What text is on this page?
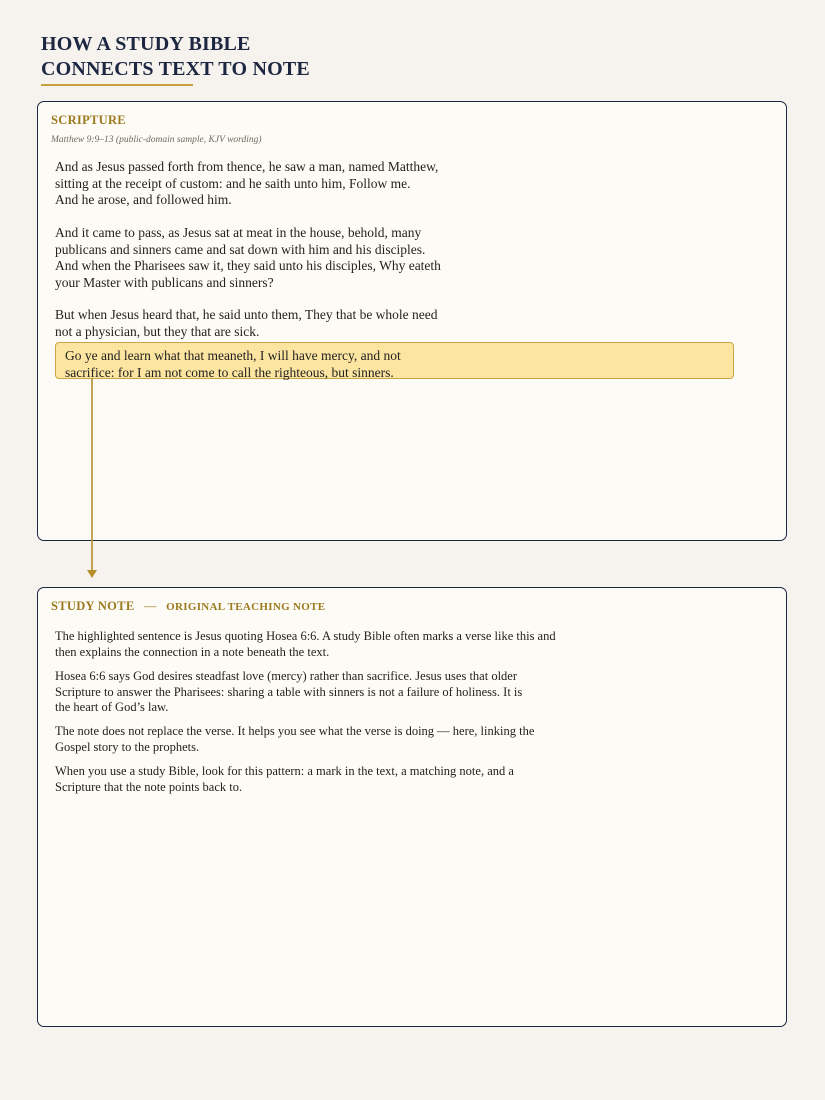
HOW A STUDY BIBLE
CONNECTS TEXT TO NOTE
SCRIPTURE
Matthew 9:9–13 (public-domain sample, KJV wording)

And as Jesus passed forth from thence, he saw a man, named Matthew,
sitting at the receipt of custom: and he saith unto him, Follow me.
And he arose, and followed him.

And it came to pass, as Jesus sat at meat in the house, behold, many
publicans and sinners came and sat down with him and his disciples.
And when the Pharisees saw it, they said unto his disciples, Why eateth
your Master with publicans and sinners?

But when Jesus heard that, he said unto them, They that be whole need
not a physician, but they that are sick.

Go ye and learn what that meaneth, I will have mercy, and not
sacrifice: for I am not come to call the righteous, but sinners.
STUDY NOTE — ORIGINAL TEACHING NOTE

The highlighted sentence is Jesus quoting Hosea 6:6. A study Bible often marks a verse like this and
then explains the connection in a note beneath the text.

Hosea 6:6 says God desires steadfast love (mercy) rather than sacrifice. Jesus uses that older
Scripture to answer the Pharisees: sharing a table with sinners is not a failure of holiness. It is
the heart of God’s law.

The note does not replace the verse. It helps you see what the verse is doing — here, linking the
Gospel story to the prophets.

When you use a study Bible, look for this pattern: a mark in the text, a matching note, and a
Scripture that the note points back to.
